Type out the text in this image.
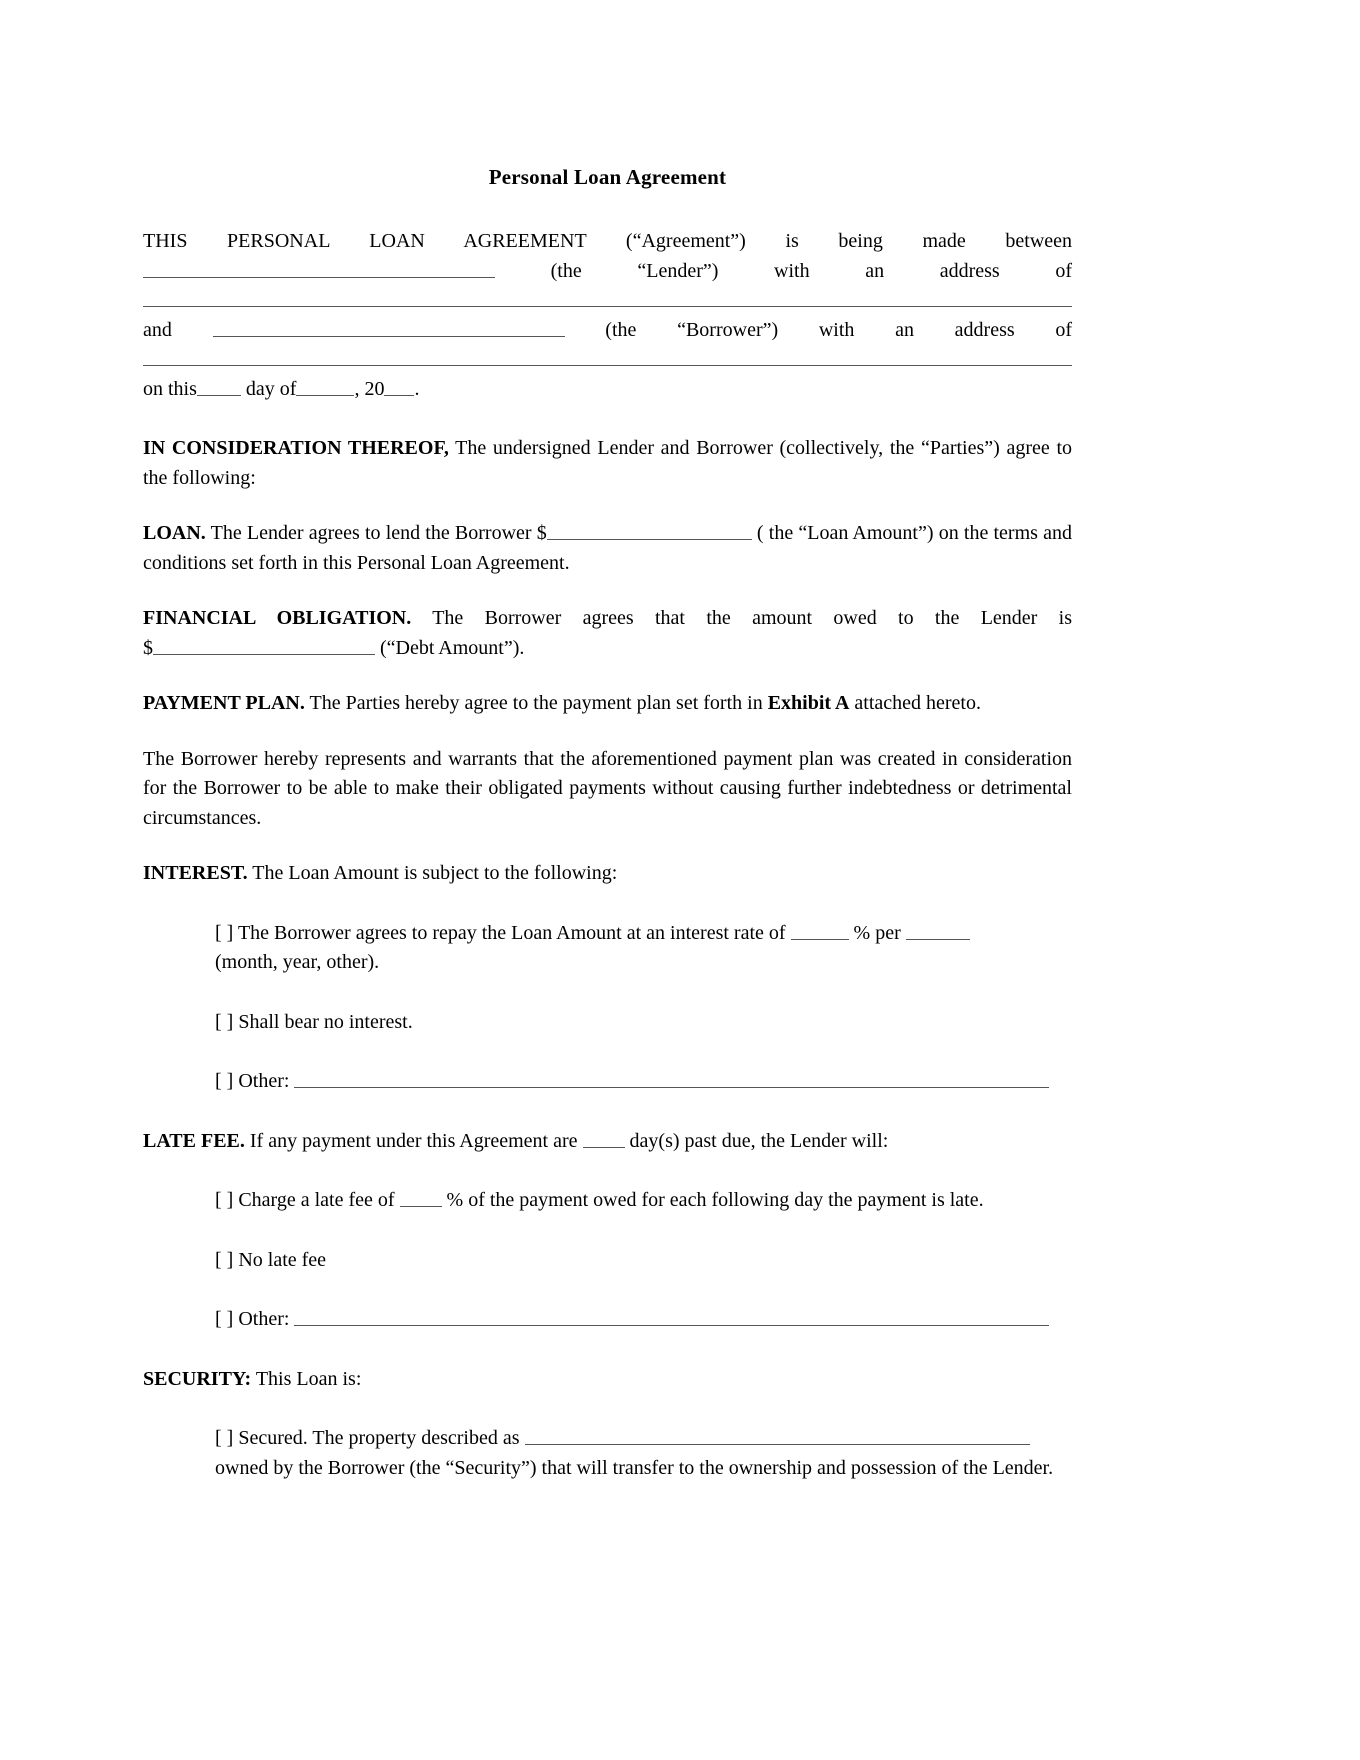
Personal Loan Agreement
THIS PERSONAL LOAN AGREEMENT (“Agreement”) is being made between
(the “Lender”) with an address of
and	(the “Borrower”) with an address of
on this day of	, 20 .
IN CONSIDERATION THEREOF, The undersigned Lender and Borrower (collectively, the “Parties”) agree to the following:
LOAN. The Lender agrees to lend the Borrower $	( the “Loan Amount”) on the terms and conditions set forth in this Personal Loan Agreement.
FINANCIAL OBLIGATION. The Borrower agrees that the amount owed to the Lender is
$	(“Debt Amount”).
PAYMENT PLAN. The Parties hereby agree to the payment plan set forth in Exhibit A attached hereto.
The Borrower hereby represents and warrants that the aforementioned payment plan was created in consideration for the Borrower to be able to make their obligated payments without causing further indebtedness or detrimental circumstances.
INTEREST. The Loan Amount is subject to the following:
[ ] The Borrower agrees to repay the Loan Amount at an interest rate of	% per
(month, year, other).
[ ] Shall bear no interest.
[ ] Other:
LATE FEE. If any payment under this Agreement are  day(s) past due, the Lender will:
[ ] Charge a late fee of  % of the payment owed for each following day the payment is late.
[ ] No late fee
[ ] Other:
SECURITY: This Loan is:
[ ] Secured. The property described as
owned by the Borrower (the “Security”) that will transfer to the ownership and possession of the Lender.
